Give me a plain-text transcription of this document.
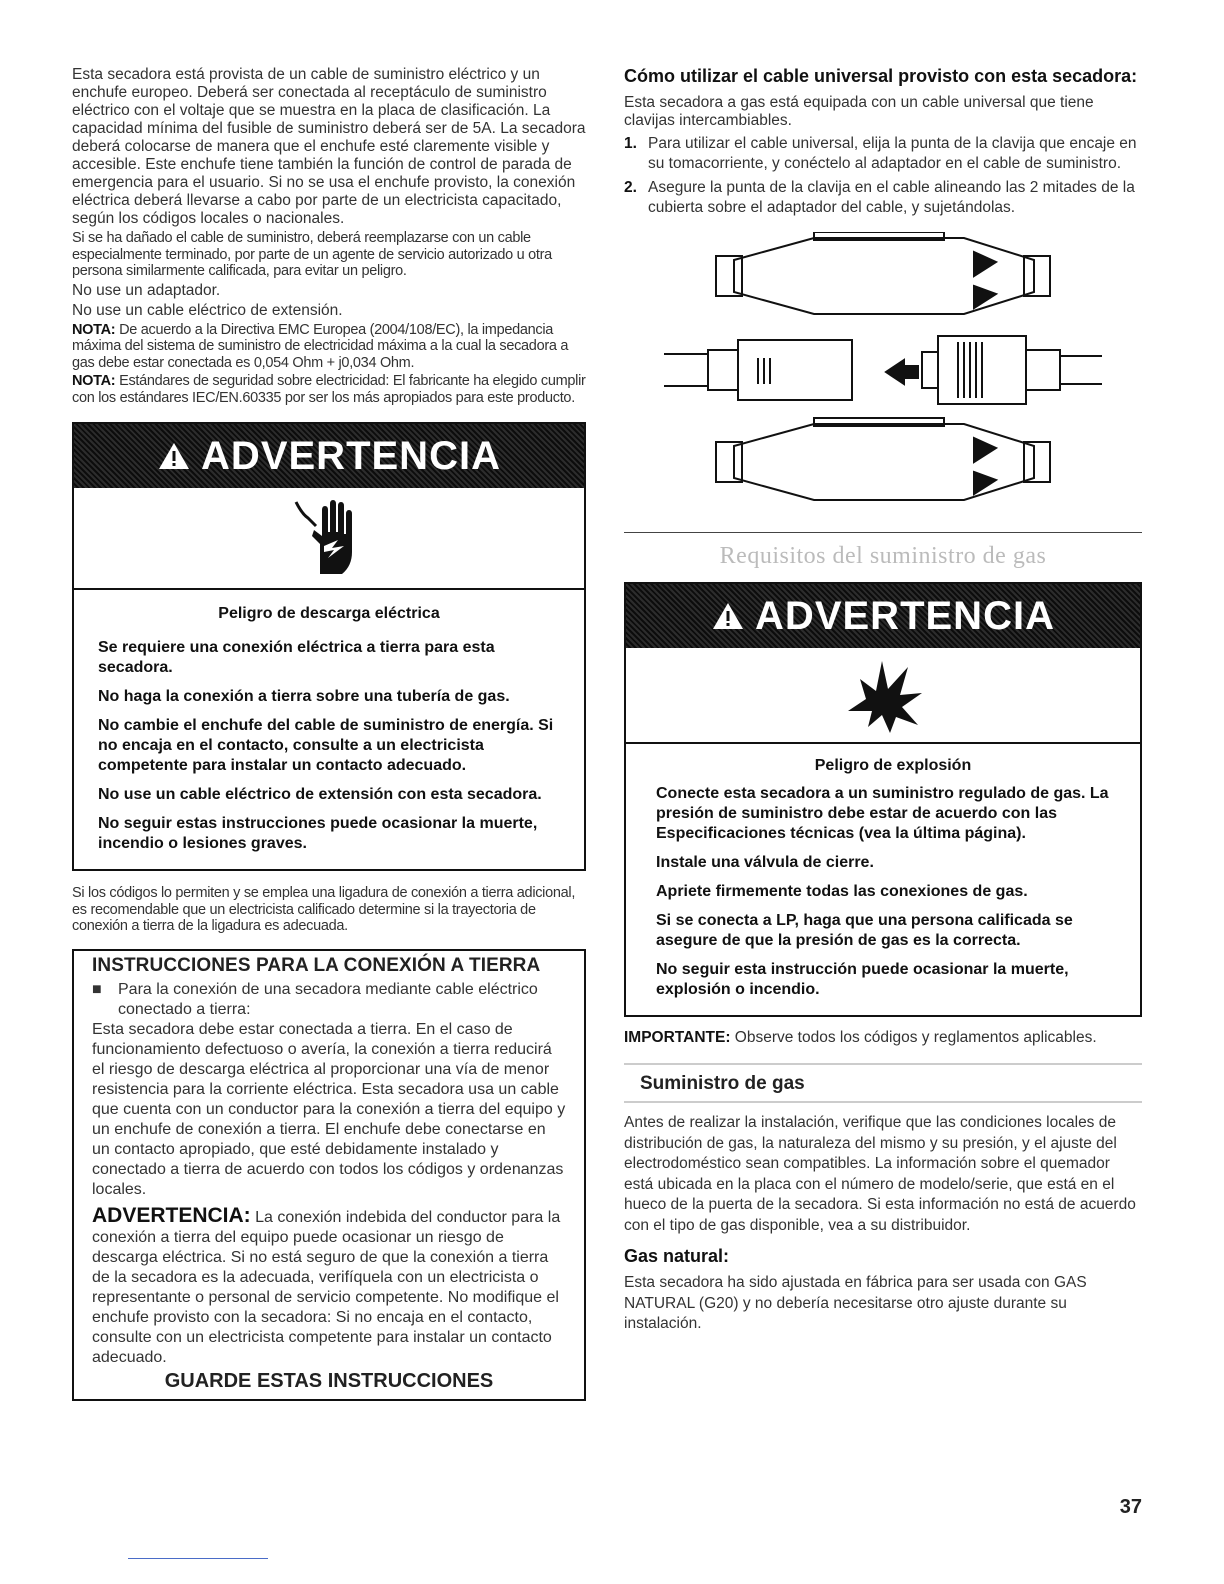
Esta secadora está provista de un cable de suministro eléctrico y un enchufe europeo. Deberá ser conectada al receptáculo de suministro eléctrico con el voltaje que se muestra en la placa de clasificación. La capacidad mínima del fusible de suministro deberá ser de 5A. La secadora deberá colocarse de manera que el enchufe esté claremente visible y accesible. Este enchufe tiene también la función de control de parada de emergencia para el usuario. Si no se usa el enchufe provisto, la conexión eléctrica deberá llevarse a cabo por parte de un electricista capacitado, según los códigos locales o nacionales.

Si se ha dañado el cable de suministro, deberá reemplazarse con un cable especialmente terminado, por parte de un agente de servicio autorizado u otra persona similarmente calificada, para evitar un peligro.

No use un adaptador.

No use un cable eléctrico de extensión.

NOTA: De acuerdo a la Directiva EMC Europea (2004/108/EC), la impedancia máxima del sistema de suministro de electricidad máxima a la cual la secadora a gas debe estar conectada es 0,054 Ohm + j0,034 Ohm.

NOTA: Estándares de seguridad sobre electricidad: El fabricante ha elegido cumplir con los estándares IEC/EN.60335 por ser los más apropiados para este producto.

ADVERTENCIA

Peligro de descarga eléctrica

Se requiere una conexión eléctrica a tierra para esta secadora.

No haga la conexión a tierra sobre una tubería de gas.

No cambie el enchufe del cable de suministro de energía. Si no encaja en el contacto, consulte a un electricista competente para instalar un contacto adecuado.

No use un cable eléctrico de extensión con esta secadora.

No seguir estas instrucciones puede ocasionar la muerte, incendio o lesiones graves.

Si los códigos lo permiten y se emplea una ligadura de conexión a tierra adicional, es recomendable que un electricista calificado determine si la trayectoria de conexión a tierra de la ligadura es adecuada.

INSTRUCCIONES PARA LA CONEXIÓN A TIERRA
■	Para la conexión de una secadora mediante cable eléctrico conectado a tierra:

Esta secadora debe estar conectada a tierra. En el caso de funcionamiento defectuoso o avería, la conexión a tierra reducirá el riesgo de descarga eléctrica al proporcionar una vía de menor resistencia para la corriente eléctrica. Esta secadora usa un cable que cuenta con un conductor para la conexión a tierra del equipo y un enchufe de conexión a tierra. El enchufe debe conectarse en un contacto apropiado, que esté debidamente instalado y conectado a tierra de acuerdo con todos los códigos y ordenanzas locales.

ADVERTENCIA: La conexión indebida del conductor para la conexión a tierra del equipo puede ocasionar un riesgo de descarga eléctrica. Si no está seguro de que la conexión a tierra de la secadora es la adecuada, verifíquela con un electricista o representante o personal de servicio competente. No modifique el enchufe provisto con la secadora: Si no encaja en el contacto, consulte con un electricista competente para instalar un contacto adecuado.

GUARDE ESTAS INSTRUCCIONES
Cómo utilizar el cable universal provisto con esta secadora:

Esta secadora a gas está equipada con un cable universal que tiene clavijas intercambiables.

1. Para utilizar el cable universal, elija la punta de la clavija que encaje en su tomacorriente, y conéctelo al adaptador en el cable de suministro.
2. Asegure la punta de la clavija en el cable alineando las 2 mitades de la cubierta sobre el adaptador del cable, y sujetándolas.
Requisitos del suministro de gas
ADVERTENCIA

Peligro de explosión

Conecte esta secadora a un suministro regulado de gas. La presión de suministro debe estar de acuerdo con las Especificaciones técnicas (vea la última página).

Instale una válvula de cierre.

Apriete firmemente todas las conexiones de gas.

Si se conecta a LP, haga que una persona calificada se asegure de que la presión de gas es la correcta.

No seguir esta instrucción puede ocasionar la muerte, explosión o incendio.

IMPORTANTE: Observe todos los códigos y reglamentos aplicables.

Suministro de gas

Antes de realizar la instalación, verifique que las condiciones locales de distribución de gas, la naturaleza del mismo y su presión, y el ajuste del electrodoméstico sean compatibles. La información sobre el quemador está ubicada en la placa con el número de modelo/serie, que está en el hueco de la puerta de la secadora. Si esta información no está de acuerdo con el tipo de gas disponible, vea a su distribuidor.

Gas natural:

Esta secadora ha sido ajustada en fábrica para ser usada con GAS NATURAL (G20) y no debería necesitarse otro ajuste durante su instalación.

37
